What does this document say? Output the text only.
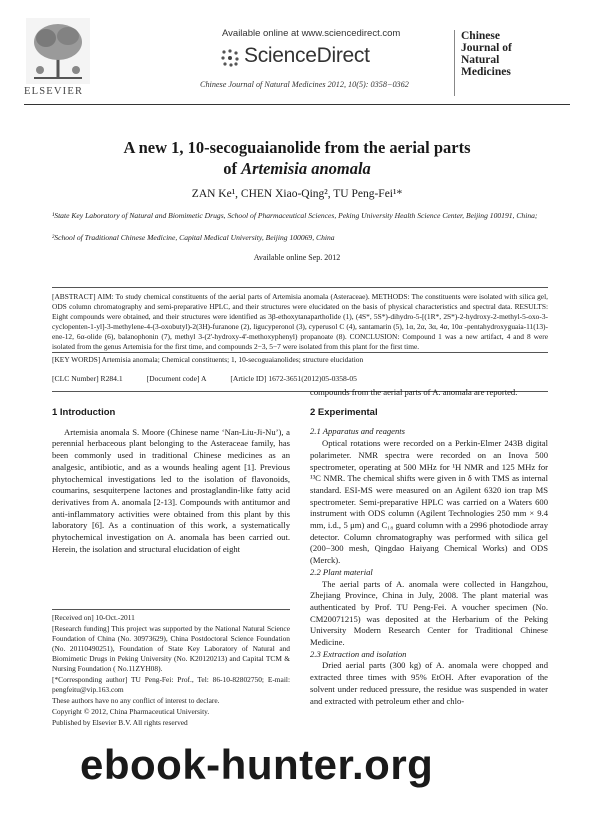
ELSEVIER
Available online at www.sciencedirect.com
ScienceDirect
Chinese Journal of Natural Medicines 2012, 10(5): 0358−0362
Chinese
Journal of
Natural
Medicines
A new 1, 10-secoguaianolide from the aerial parts
of Artemisia anomala
ZAN Ke¹, CHEN Xiao-Qing², TU Peng-Fei¹*
¹State Key Laboratory of Natural and Biomimetic Drugs, School of Pharmaceutical Sciences, Peking University Health Science Center, Beijing 100191, China;
²School of Traditional Chinese Medicine, Capital Medical University, Beijing 100069, China
Available online Sep. 2012
[ABSTRACT] AIM: To study chemical constituents of the aerial parts of Artemisia anomala (Asteraceae). METHODS: The constituents were isolated with silica gel, ODS column chromatography and semi-preparative HPLC, and their structures were elucidated on the basis of physical characteristics and spectral data. RESULTS: Eight compounds were obtained, and their structures were identified as 3β-ethoxytanaparthoIide (1), (4S*, 5S*)-dihydro-5-[(1R*, 2S*)-2-hydroxy-2-methyl-5-oxo-3-cyclopenten-1-yl]-3-methylene-4-(3-oxobutyl)-2(3H)-furanone (2), ligucyperonol (3), cyperusol C (4), santamarin (5), 1α, 2α, 3α, 4α, 10α -pentahydroxyguaia-11(13)-ene-12, 6α-olide (6), balanophonin (7), methyl 3-(2'-hydroxy-4'-methoxyphenyl) propanoate (8). CONCLUSION: Compound 1 was a new artifact, 4 and 8 were isolated from the genus Artemisia for the first time, and compounds 2−3, 5−7 were isolated from this plant for the first time.
[KEY WORDS] Artemisia anomala; Chemical constituents; 1, 10-secoguaianolides; structure elucidation
[CLC Number] R284.1	[Document code] A	[Article ID] 1672-3651(2012)05-0358-05
1 Introduction

Artemisia anomala S. Moore (Chinese name ‘Nan-Liu-Ji-Nu’), a perennial herbaceous plant belonging to the Asteraceae family, has been commonly used in traditional Chinese medicines as an analgesic, antibiotic, and as a wounds healing agent [1]. Previous phytochemical investigations led to the isolation of flavonoids, coumarins, sesquiterpene lactones and prostaglandin-like fatty acid derivatives from A. anomala [2-13]. Compounds with antitumor and anti-inflammatory activities were obtained from this plant by this laboratory [6]. As a continuation of this work, a systematically phytochemical investigation on A. anomala has been carried out. Herein, the isolation and structural elucidation of eight

[Received on] 10-Oct.-2011

[Research funding] This project was supported by the National Natural Science Foundation of China (No. 30973629), China Postdoctoral Science Foundation (No. 20110490251), Foundation of State Key Laboratory of Natural and Biomimetic Drugs in Peking University (No. K20120213) and Capital TCM & Nursing Foundation ( No.11ZYH08).

[*Corresponding author] TU Peng-Fei: Prof., Tel: 86-10-82802750; E-mail: pengfeitu@vip.163.com

These authors have no any conflict of interest to declare.

Copyright © 2012, China Pharmaceutical University.

Published by Elsevier B.V. All rights reserved

compounds from the aerial parts of A. anomala are reported.

2 Experimental

2.1 Apparatus and reagents

Optical rotations were recorded on a Perkin-Elmer 243B digital polarimeter. NMR spectra were recorded on an Inova 500 spectrometer, operating at 500 MHz for ¹H NMR and 125 MHz for ¹³C NMR. The chemical shifts were given in δ with TMS as internal standard. ESI-MS were measured on an Agilent 6320 ion trap MS spectrometer. Semi-preparative HPLC was carried on a Waters 600 instrument with ODS column (Agilent Technologies 250 mm × 9.4 mm, i.d., 5 μm) and C₁₈ guard column with a 2996 photodiode array detector. Column chromatography was performed with silica gel (200−300 mesh, Qingdao Haiyang Chemical Works) and ODS (Merck).

2.2 Plant material

The aerial parts of A. anomala were collected in Hangzhou, Zhejiang Province, China in July, 2008. The plant material was authenticated by Prof. TU Peng-Fei. A voucher specimen (No. CM20071215) was deposited at the Herbarium of the Peking University Modern Research Center for Traditional Chinese Medicine.

2.3 Extraction and isolation

Dried aerial parts (300 kg) of A. anomala were chopped and extracted three times with 95% EtOH. After evaporation of the solvent under reduced pressure, the residue was suspended in water and extracted with petroleum ether and chlo-

ebook-hunter.org
